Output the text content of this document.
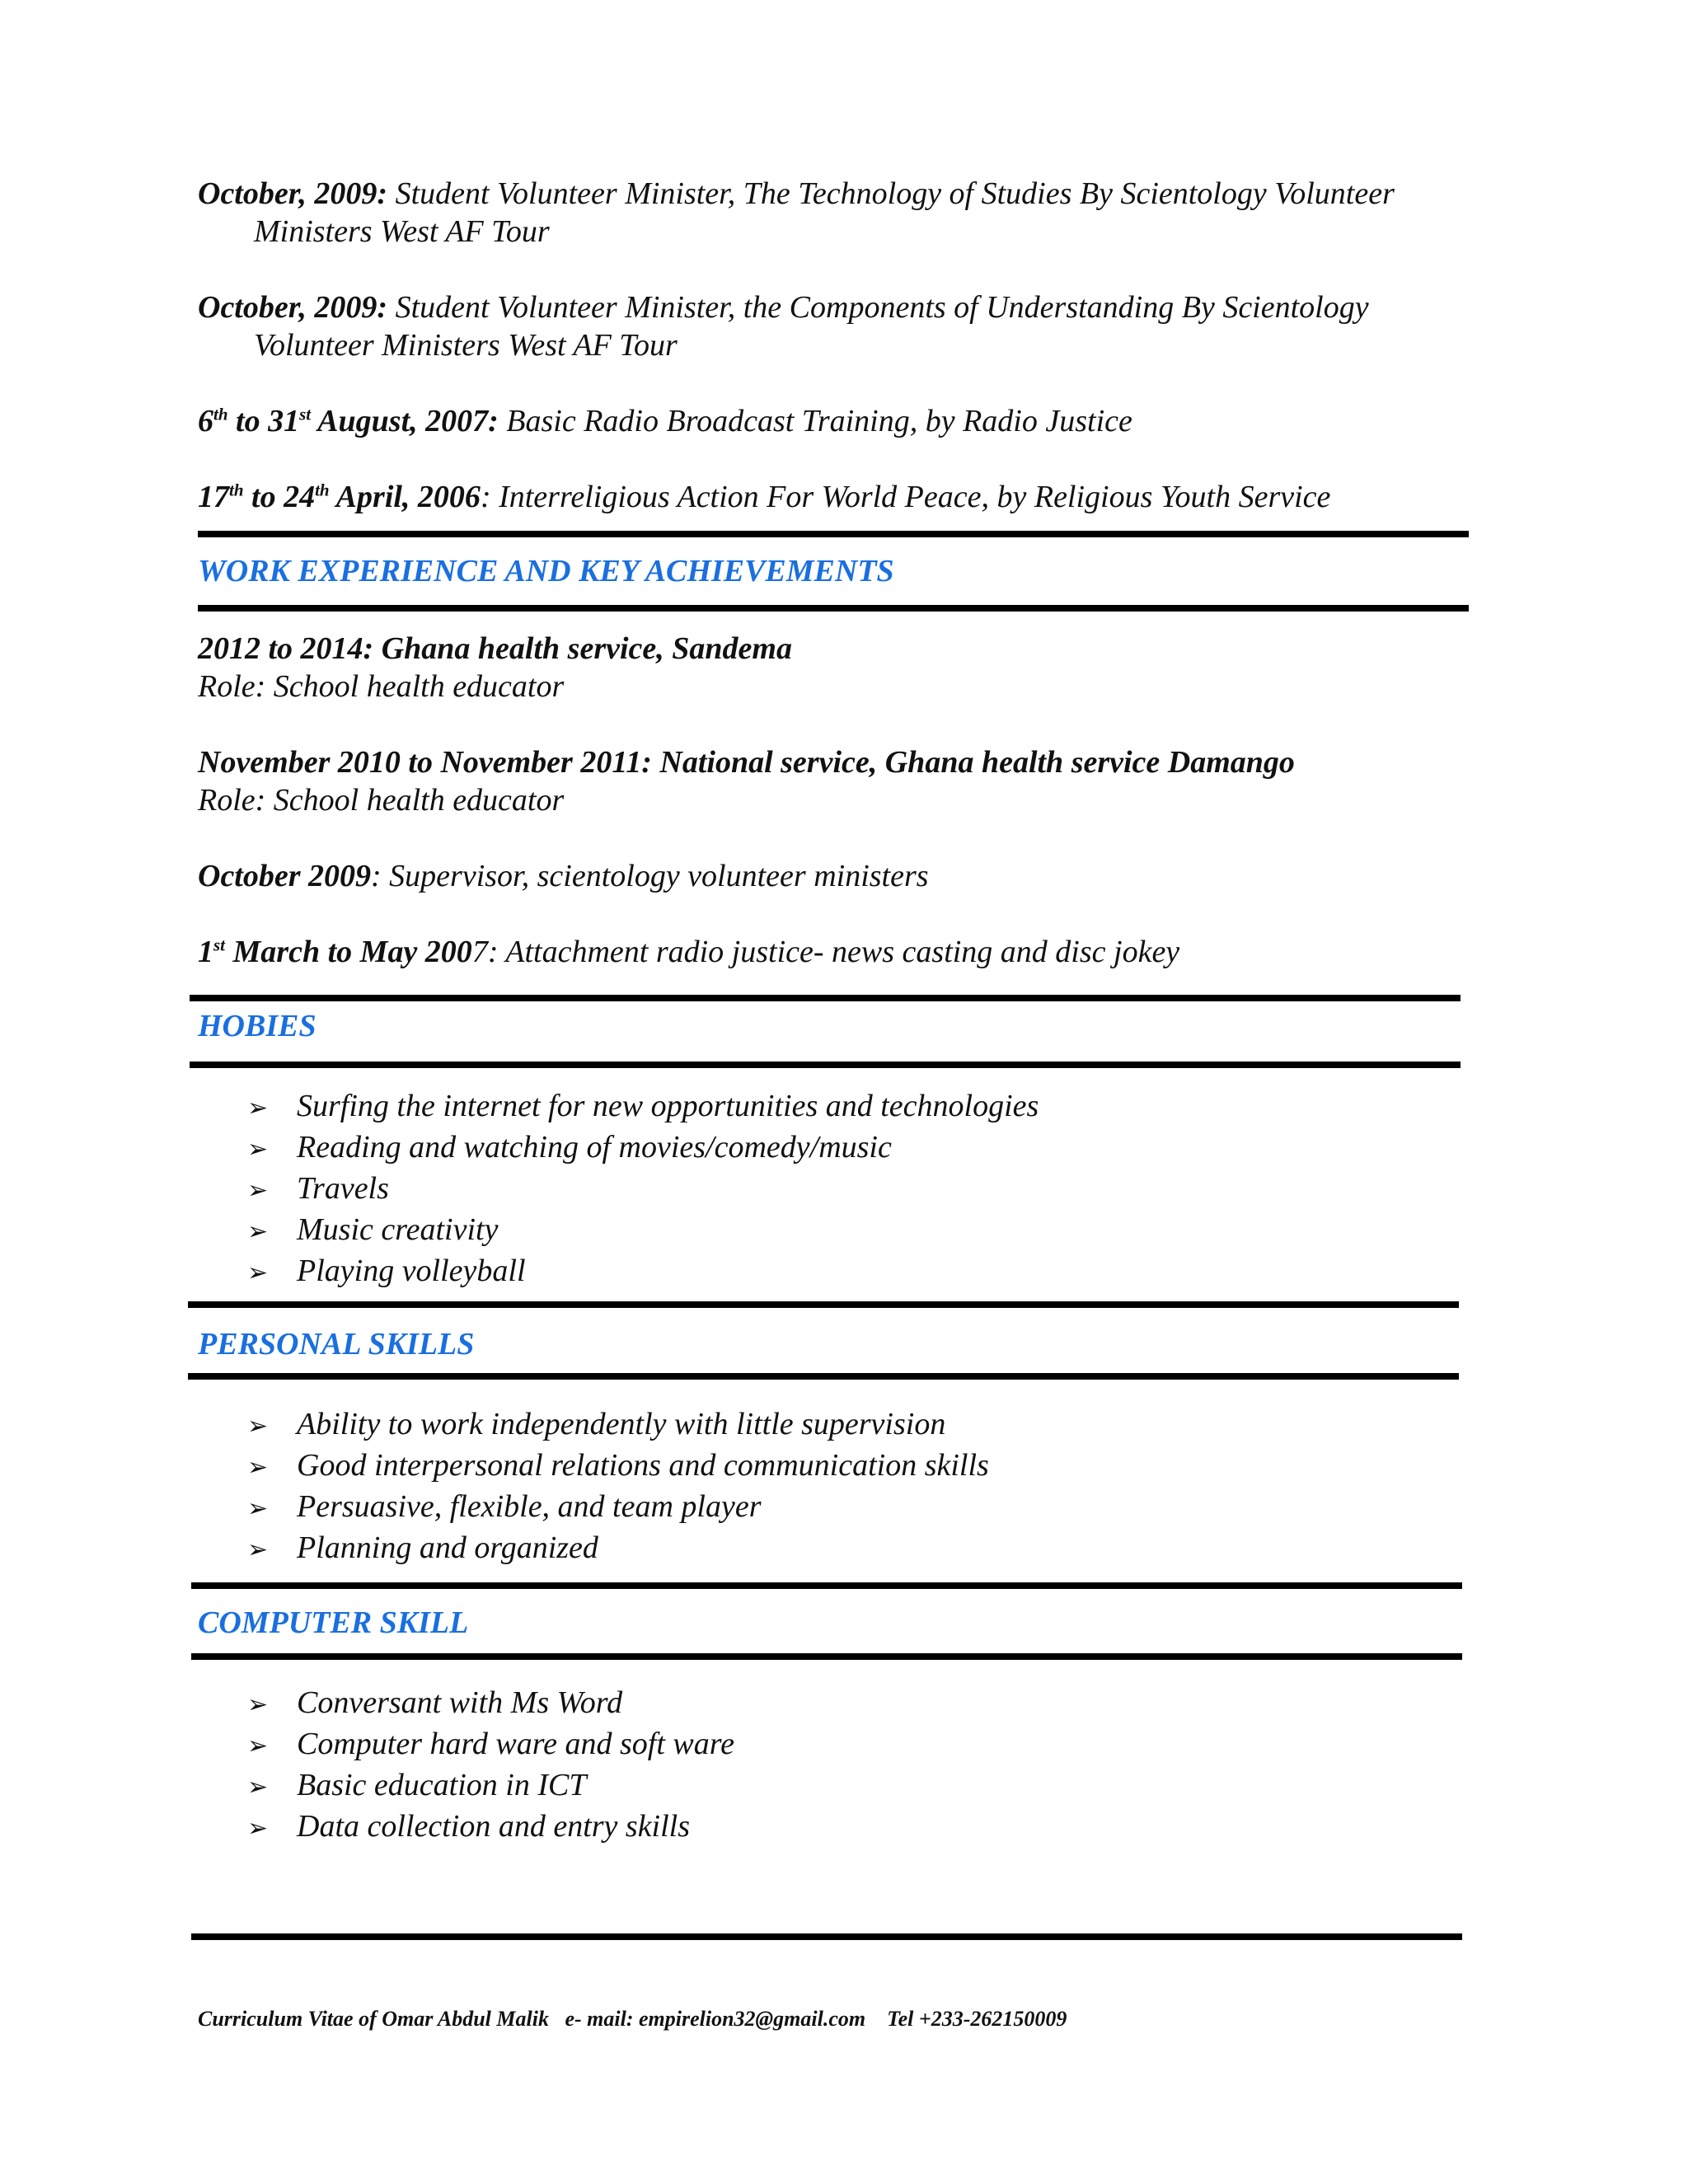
October, 2009: Student Volunteer Minister, The Technology of Studies By Scientology Volunteer
Ministers West AF Tour
October, 2009: Student Volunteer Minister, the Components of Understanding By Scientology
Volunteer Ministers West AF Tour
6th to 31st August, 2007: Basic Radio Broadcast Training, by Radio Justice
17th to 24th April, 2006: Interreligious Action For World Peace, by Religious Youth Service
WORK EXPERIENCE AND KEY ACHIEVEMENTS
2012 to 2014: Ghana health service, Sandema
Role: School health educator
November 2010 to November 2011: National service, Ghana health service Damango
Role: School health educator
October 2009: Supervisor, scientology volunteer ministers
1st March to May 2007: Attachment radio justice- news casting and disc jokey
HOBIES
➢ Surfing the internet for new opportunities and technologies
➢ Reading and watching of movies/comedy/music
➢ Travels
➢ Music creativity
➢ Playing volleyball
PERSONAL SKILLS
➢ Ability to work independently with little supervision
➢ Good interpersonal relations and communication skills
➢ Persuasive, flexible, and team player
➢ Planning and organized
COMPUTER SKILL
➢ Conversant with Ms Word
➢ Computer hard ware and soft ware
➢ Basic education in ICT
➢ Data collection and entry skills
Curriculum Vitae of Omar Abdul Malik   e- mail: empirelion32@gmail.com    Tel +233-262150009
